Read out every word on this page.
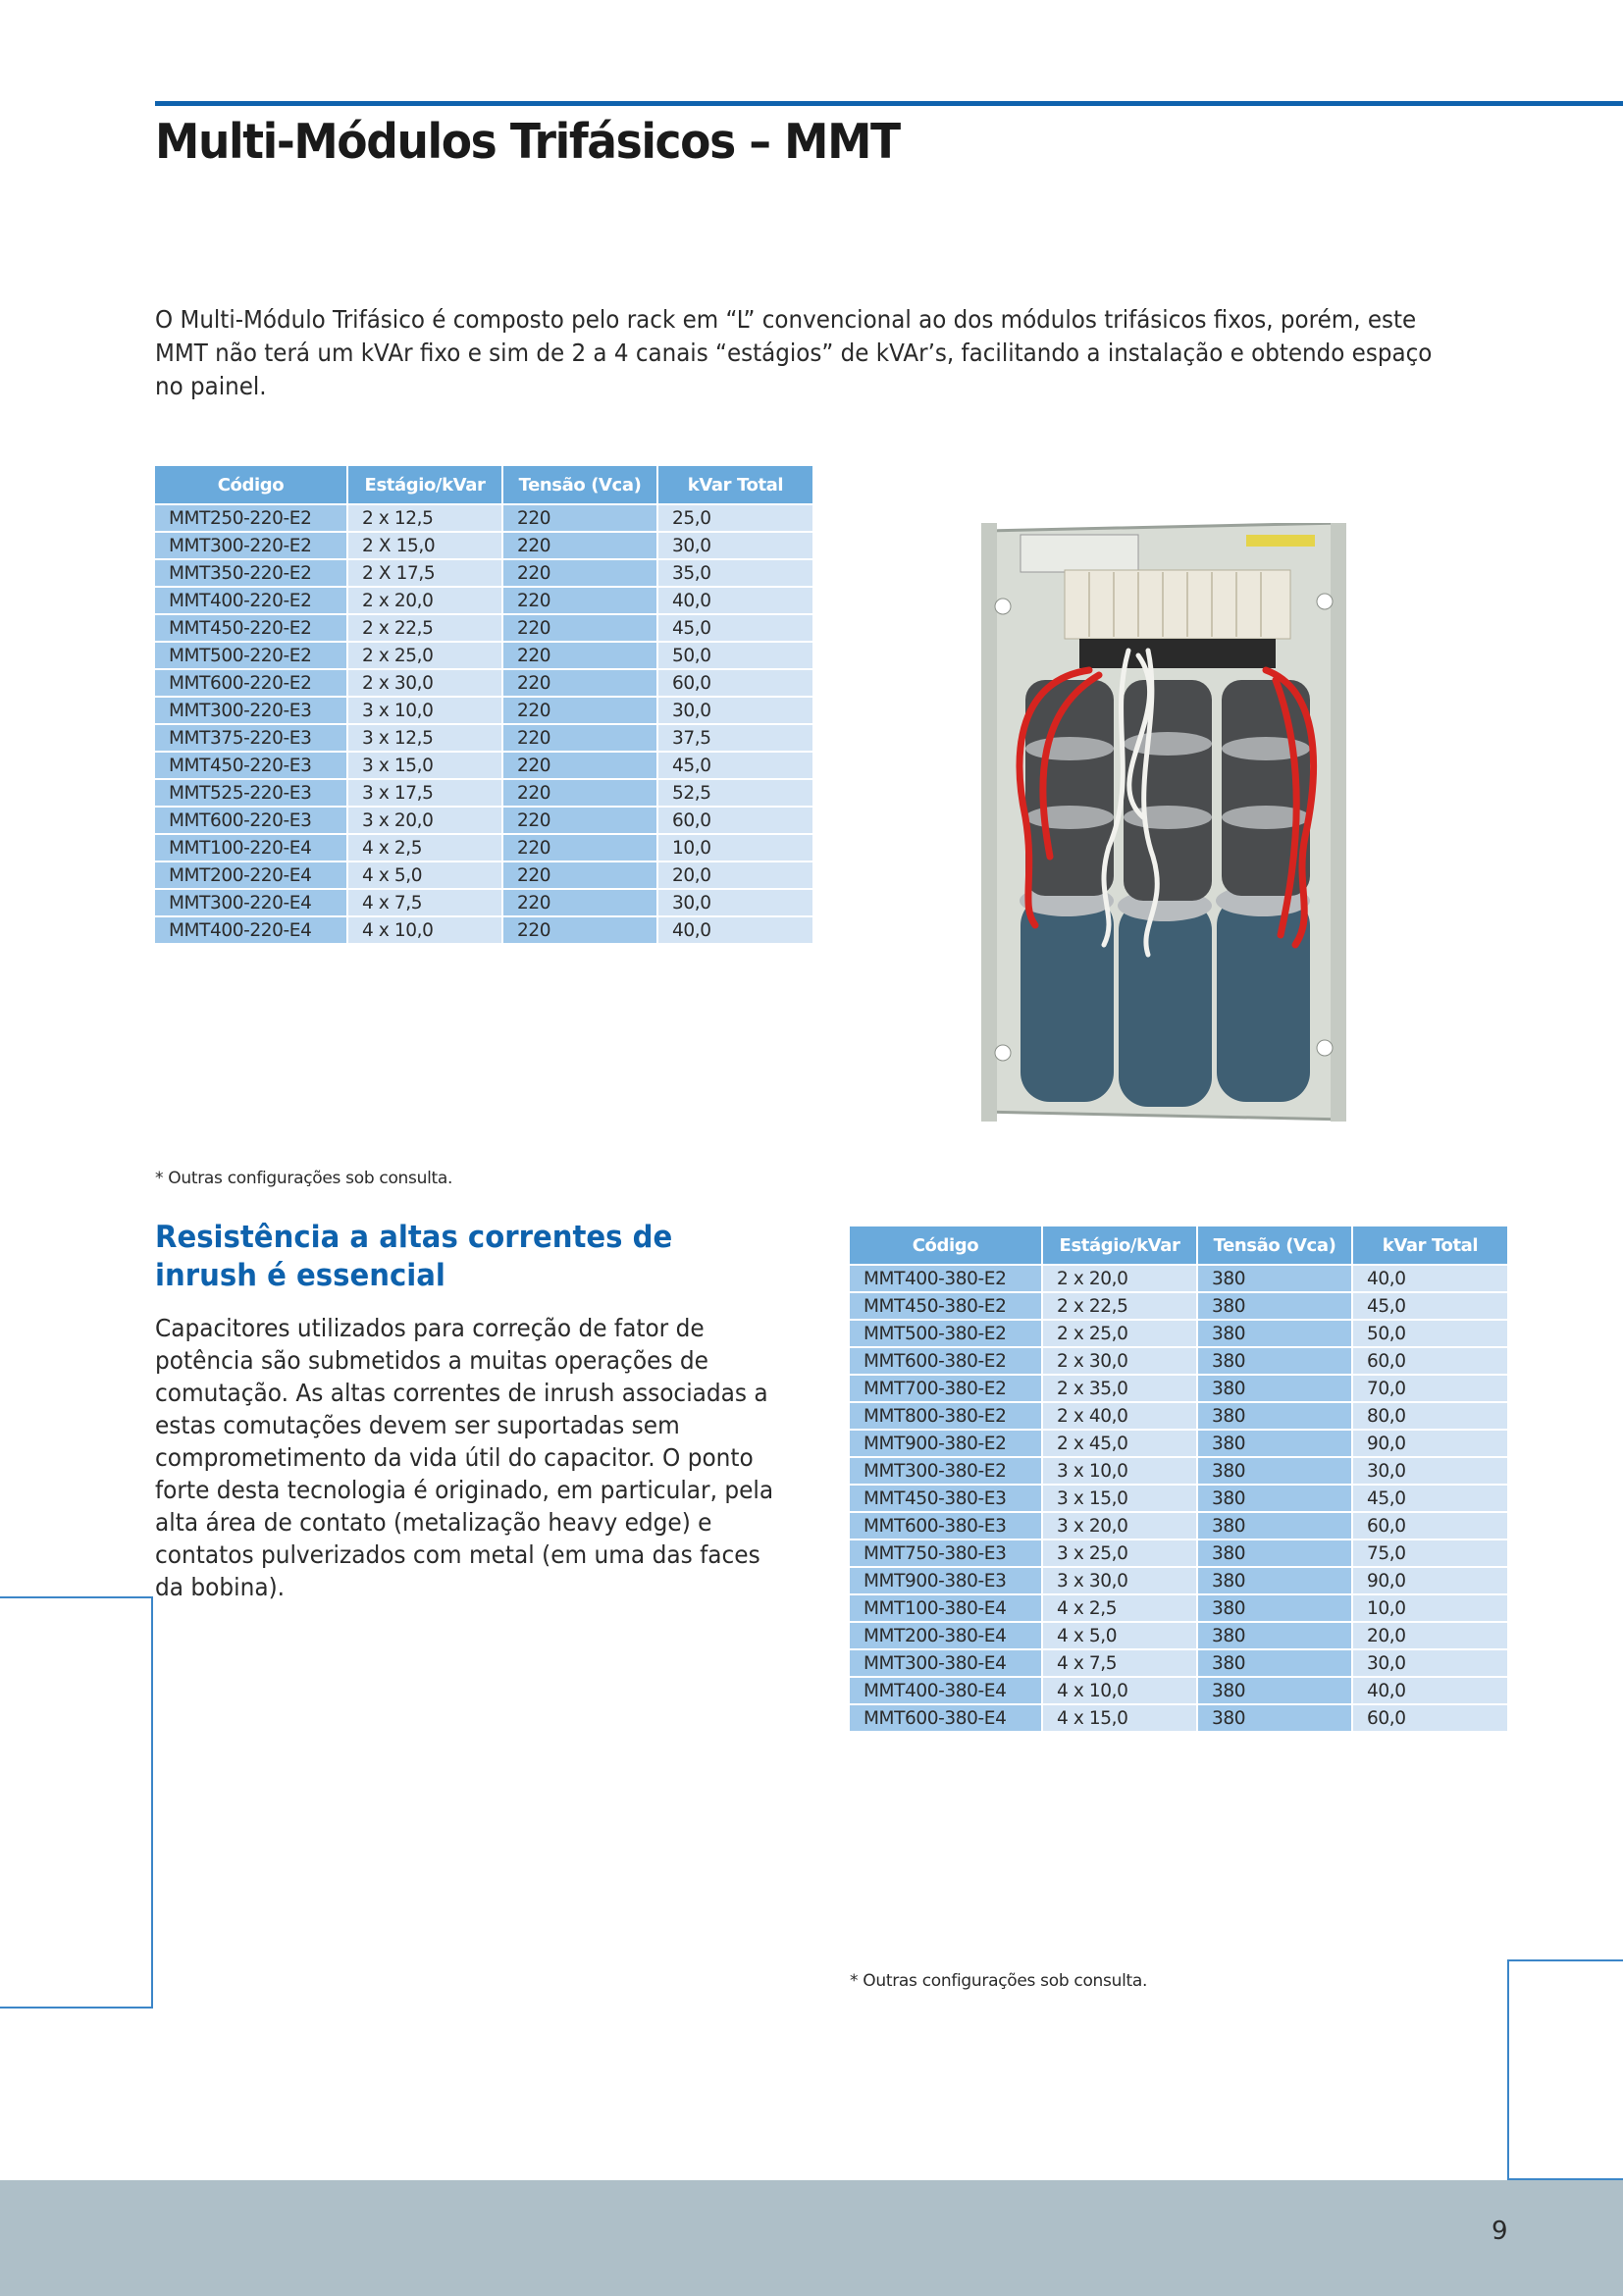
Multi-Módulos Trifásicos – MMT

O Multi-Módulo Trifásico é composto pelo rack em “L” convencional ao dos módulos trifásicos fixos, porém, este MMT não terá um kVAr fixo e sim de 2 a 4 canais “estágios” de kVAr’s, facilitando a instalação e obtendo espaço no painel.

Código	Estágio/kVar	Tensão (Vca)	kVar Total
MMT250-220-E2	2 x 12,5	220	25,0
MMT300-220-E2	2 X 15,0	220	30,0
MMT350-220-E2	2 X 17,5	220	35,0
MMT400-220-E2	2 x 20,0	220	40,0
MMT450-220-E2	2 x 22,5	220	45,0
MMT500-220-E2	2 x 25,0	220	50,0
MMT600-220-E2	2 x 30,0	220	60,0
MMT300-220-E3	3 x 10,0	220	30,0
MMT375-220-E3	3 x 12,5	220	37,5
MMT450-220-E3	3 x 15,0	220	45,0
MMT525-220-E3	3 x 17,5	220	52,5
MMT600-220-E3	3 x 20,0	220	60,0
MMT100-220-E4	4 x 2,5	220	10,0
MMT200-220-E4	4 x 5,0	220	20,0
MMT300-220-E4	4 x 7,5	220	30,0
MMT400-220-E4	4 x 10,0	220	40,0
* Outras configurações sob consulta.
Resistência a altas correntes de inrush é essencial

Capacitores utilizados para correção de fator de potência são submetidos a muitas operações de comutação. As altas correntes de inrush associadas a estas comutações devem ser suportadas sem comprometimento da vida útil do capacitor. O ponto forte desta tecnologia é originado, em particular, pela alta área de contato (metalização heavy edge) e contatos pulverizados com metal (em uma das faces da bobina).

Código	Estágio/kVar	Tensão (Vca)	kVar Total
MMT400-380-E2	2 x 20,0	380	40,0
MMT450-380-E2	2 x 22,5	380	45,0
MMT500-380-E2	2 x 25,0	380	50,0
MMT600-380-E2	2 x 30,0	380	60,0
MMT700-380-E2	2 x 35,0	380	70,0
MMT800-380-E2	2 x 40,0	380	80,0
MMT900-380-E2	2 x 45,0	380	90,0
MMT300-380-E2	3 x 10,0	380	30,0
MMT450-380-E3	3 x 15,0	380	45,0
MMT600-380-E3	3 x 20,0	380	60,0
MMT750-380-E3	3 x 25,0	380	75,0
MMT900-380-E3	3 x 30,0	380	90,0
MMT100-380-E4	4 x 2,5	380	10,0
MMT200-380-E4	4 x 5,0	380	20,0
MMT300-380-E4	4 x 7,5	380	30,0
MMT400-380-E4	4 x 10,0	380	40,0
MMT600-380-E4	4 x 15,0	380	60,0
* Outras configurações sob consulta.
9
